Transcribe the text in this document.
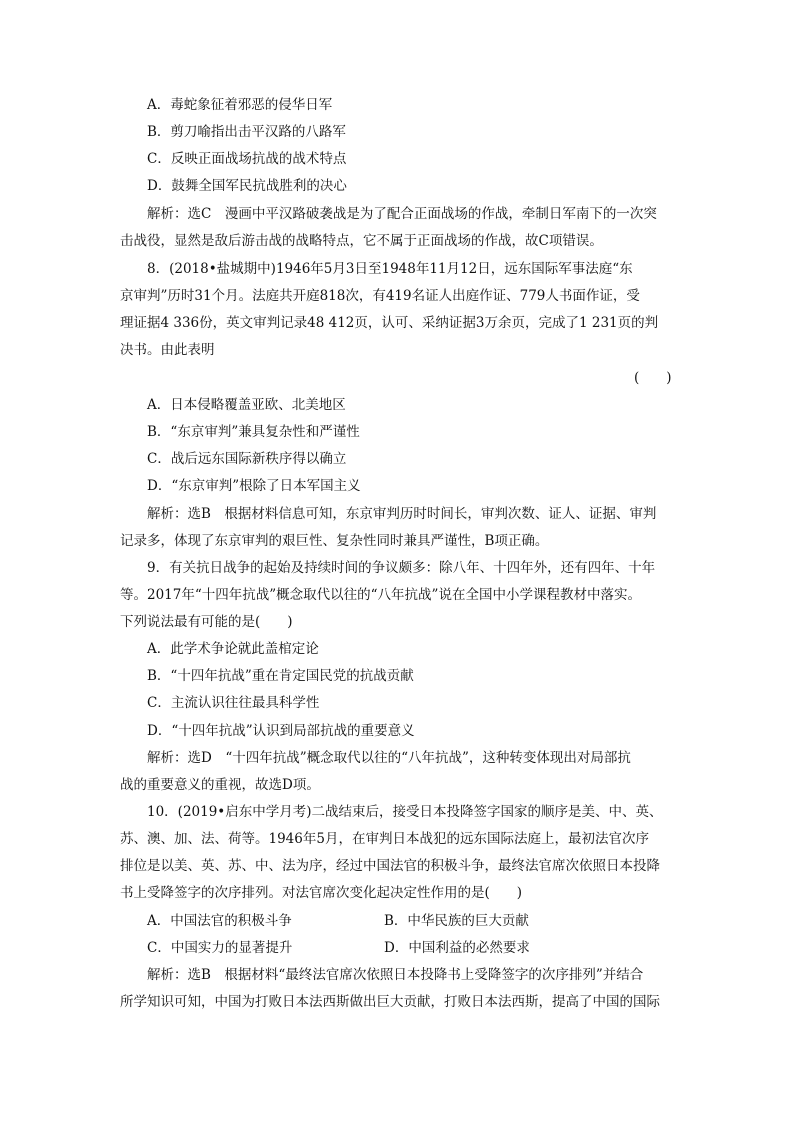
A．毒蛇象征着邪恶的侵华日军
B．剪刀喻指出击平汉路的八路军
C．反映正面战场抗战的战术特点
D．鼓舞全国军民抗战胜利的决心
解析：选C　漫画中平汉路破袭战是为了配合正面战场的作战，牵制日军南下的一次突
击战役，显然是敌后游击战的战略特点，它不属于正面战场的作战，故C项错误。
8．(2018•盐城期中)1946年5月3日至1948年11月12日，远东国际军事法庭“东
京审判”历时31个月。法庭共开庭818次，有419名证人出庭作证、779人书面作证，受
理证据4 336份，英文审判记录48 412页，认可、采纳证据3万余页，完成了1 231页的判
决书。由此表明
(　　)
A．日本侵略覆盖亚欧、北美地区
B．“东京审判”兼具复杂性和严谨性
C．战后远东国际新秩序得以确立
D．“东京审判”根除了日本军国主义
解析：选B　根据材料信息可知，东京审判历时时间长，审判次数、证人、证据、审判
记录多，体现了东京审判的艰巨性、复杂性同时兼具严谨性，B项正确。
9．有关抗日战争的起始及持续时间的争议颇多：除八年、十四年外，还有四年、十年
等。2017年“十四年抗战”概念取代以往的“八年抗战”说在全国中小学课程教材中落实。
下列说法最有可能的是(　　)
A．此学术争论就此盖棺定论
B．“十四年抗战”重在肯定国民党的抗战贡献
C．主流认识往往最具科学性
D．“十四年抗战”认识到局部抗战的重要意义
解析：选D　“十四年抗战”概念取代以往的“八年抗战”，这种转变体现出对局部抗
战的重要意义的重视，故选D项。
10．(2019•启东中学月考)二战结束后，接受日本投降签字国家的顺序是美、中、英、
苏、澳、加、法、荷等。1946年5月，在审判日本战犯的远东国际法庭上，最初法官次序
排位是以美、英、苏、中、法为序，经过中国法官的积极斗争，最终法官席次依照日本投降
书上受降签字的次序排列。对法官席次变化起决定性作用的是(　　)
A．中国法官的积极斗争	B．中华民族的巨大贡献
C．中国实力的显著提升	D．中国利益的必然要求
解析：选B　根据材料“最终法官席次依照日本投降书上受降签字的次序排列”并结合
所学知识可知，中国为打败日本法西斯做出巨大贡献，打败日本法西斯，提高了中国的国际
